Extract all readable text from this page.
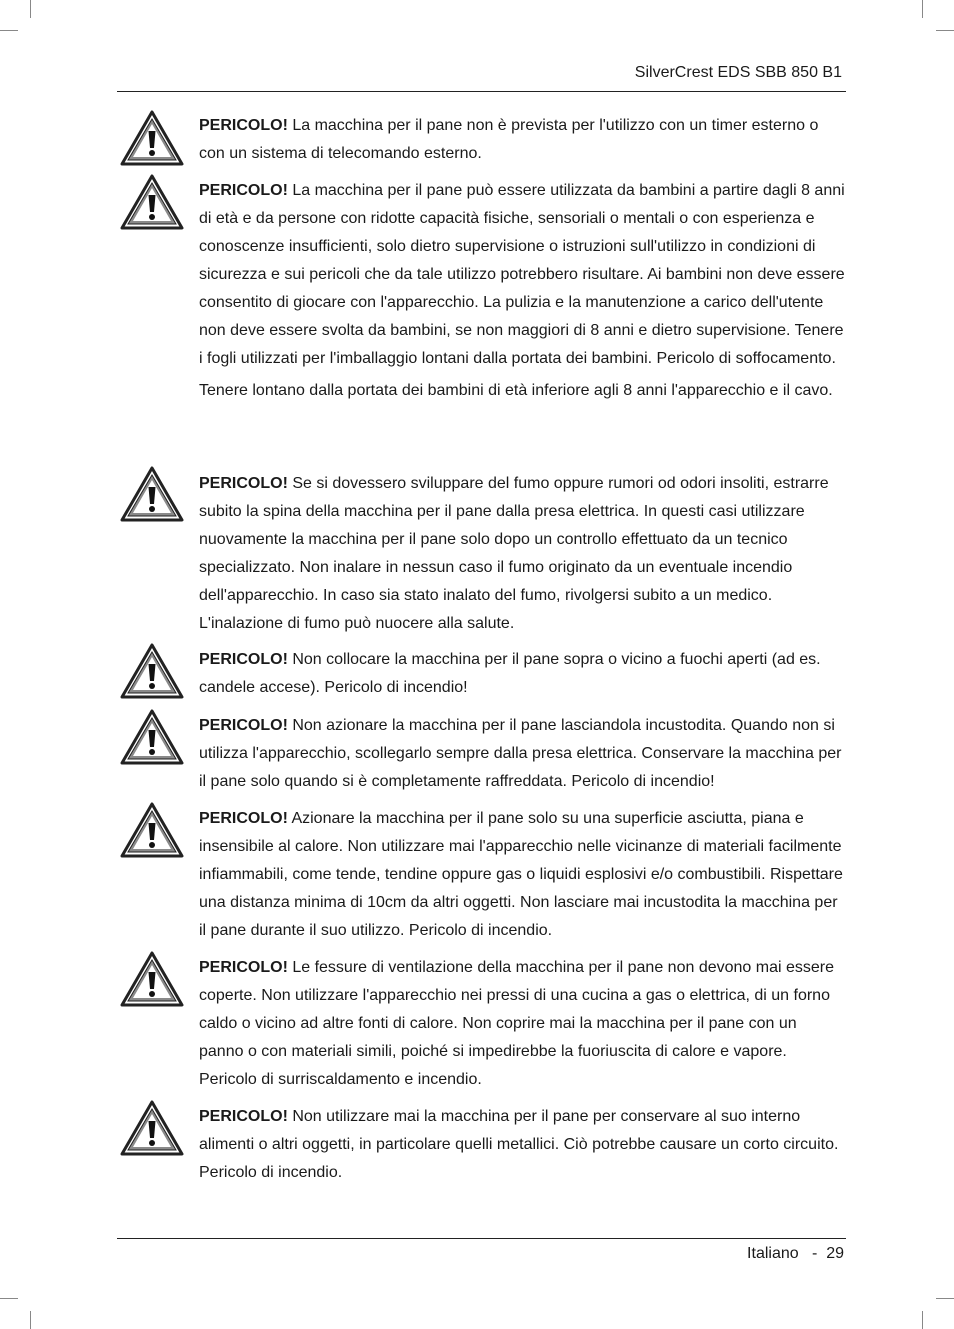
SilverCrest EDS SBB 850 B1

PERICOLO! La macchina per il pane non è prevista per l'utilizzo con un timer esterno o con un sistema di telecomando esterno.

PERICOLO! La macchina per il pane può essere utilizzata da bambini a partire dagli 8 anni di età e da persone con ridotte capacità fisiche, sensoriali o mentali o con esperienza e conoscenze insufficienti, solo dietro supervisione o istruzioni sull'utilizzo in condizioni di sicurezza e sui pericoli che da tale utilizzo potrebbero risultare. Ai bambini non deve essere consentito di giocare con l'apparecchio. La pulizia e la manutenzione a carico dell'utente non deve essere svolta da bambini, se non maggiori di 8 anni e dietro supervisione. Tenere i fogli utilizzati per l'imballaggio lontani dalla portata dei bambini. Pericolo di soffocamento.

Tenere lontano dalla portata dei bambini di età inferiore agli 8 anni l'apparecchio e il cavo.

PERICOLO! Se si dovessero sviluppare del fumo oppure rumori od odori insoliti, estrarre subito la spina della macchina per il pane dalla presa elettrica. In questi casi utilizzare nuovamente la macchina per il pane solo dopo un controllo effettuato da un tecnico specializzato. Non inalare in nessun caso il fumo originato da un eventuale incendio dell'apparecchio. In caso sia stato inalato del fumo, rivolgersi subito a un medico. L'inalazione di fumo può nuocere alla salute.

PERICOLO! Non collocare la macchina per il pane sopra o vicino a fuochi aperti (ad es. candele accese). Pericolo di incendio!

PERICOLO! Non azionare la macchina per il pane lasciandola incustodita. Quando non si utilizza l'apparecchio, scollegarlo sempre dalla presa elettrica. Conservare la macchina per il pane solo quando si è completamente raffreddata. Pericolo di incendio!

PERICOLO! Azionare la macchina per il pane solo su una superficie asciutta, piana e insensibile al calore. Non utilizzare mai l'apparecchio nelle vicinanze di materiali facilmente infiammabili, come tende, tendine oppure gas o liquidi esplosivi e/o combustibili. Rispettare una distanza minima di 10cm da altri oggetti. Non lasciare mai incustodita la macchina per il pane durante il suo utilizzo. Pericolo di incendio.

PERICOLO! Le fessure di ventilazione della macchina per il pane non devono mai essere coperte. Non utilizzare l'apparecchio nei pressi di una cucina a gas o elettrica, di un forno caldo o vicino ad altre fonti di calore. Non coprire mai la macchina per il pane con un panno o con materiali simili, poiché si impedirebbe la fuoriuscita di calore e vapore. Pericolo di surriscaldamento e incendio.

PERICOLO! Non utilizzare mai la macchina per il pane per conservare al suo interno alimenti o altri oggetti, in particolare quelli metallici. Ciò potrebbe causare un corto circuito. Pericolo di incendio.

Italiano - 29
